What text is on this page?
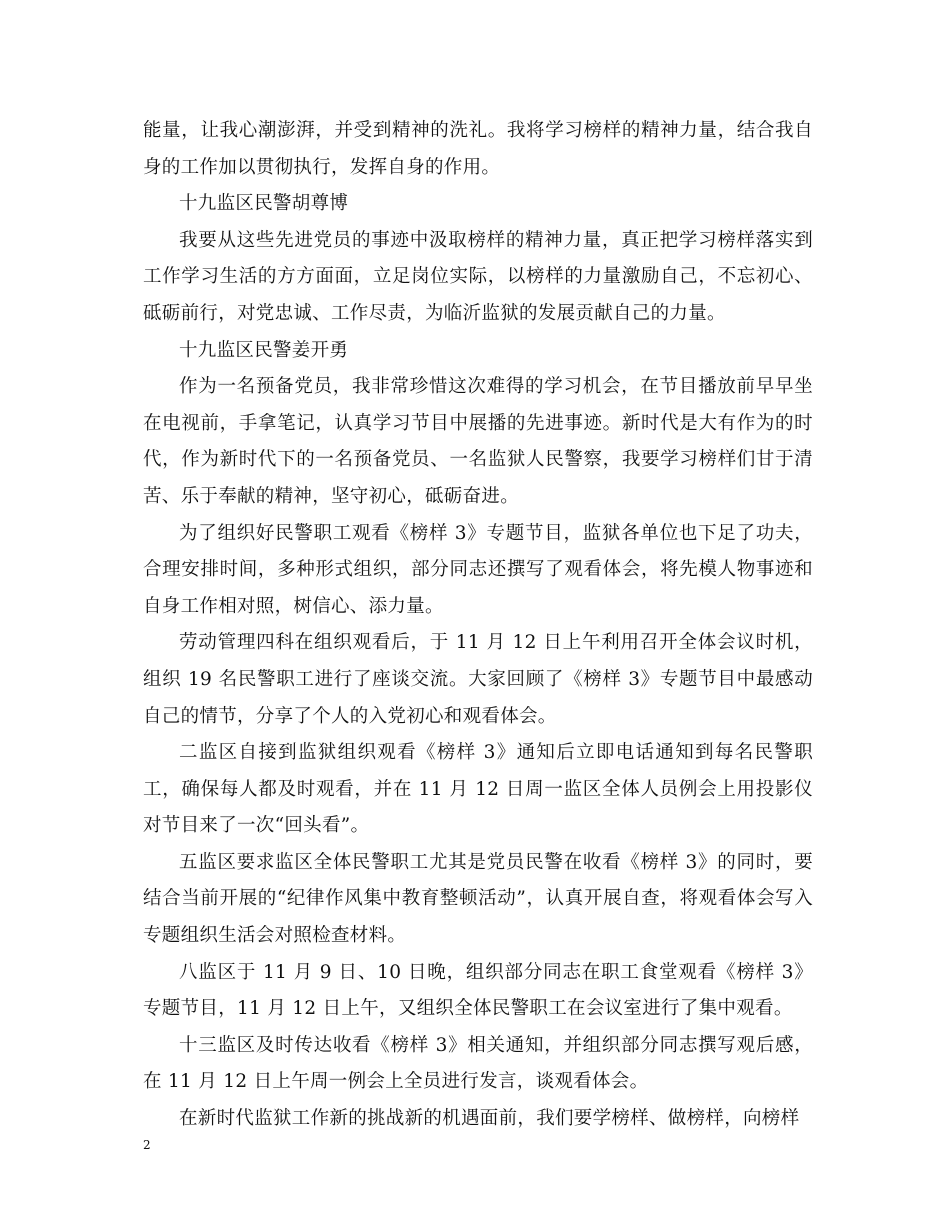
能量，让我心潮澎湃，并受到精神的洗礼。我将学习榜样的精神力量，结合我自身的工作加以贯彻执行，发挥自身的作用。

十九监区民警胡尊博

我要从这些先进党员的事迹中汲取榜样的精神力量，真正把学习榜样落实到工作学习生活的方方面面，立足岗位实际，以榜样的力量激励自己，不忘初心、砥砺前行，对党忠诚、工作尽责，为临沂监狱的发展贡献自己的力量。

十九监区民警姜开勇

作为一名预备党员，我非常珍惜这次难得的学习机会，在节目播放前早早坐在电视前，手拿笔记，认真学习节目中展播的先进事迹。新时代是大有作为的时代，作为新时代下的一名预备党员、一名监狱人民警察，我要学习榜样们甘于清苦、乐于奉献的精神，坚守初心，砥砺奋进。

为了组织好民警职工观看《榜样 3》专题节目，监狱各单位也下足了功夫，合理安排时间，多种形式组织，部分同志还撰写了观看体会，将先模人物事迹和自身工作相对照，树信心、添力量。

劳动管理四科在组织观看后，于 11 月 12 日上午利用召开全体会议时机，组织 19 名民警职工进行了座谈交流。大家回顾了《榜样 3》专题节目中最感动自己的情节，分享了个人的入党初心和观看体会。

二监区自接到监狱组织观看《榜样 3》通知后立即电话通知到每名民警职工，确保每人都及时观看，并在 11 月 12 日周一监区全体人员例会上用投影仪对节目来了一次“回头看”。

五监区要求监区全体民警职工尤其是党员民警在收看《榜样 3》的同时，要结合当前开展的“纪律作风集中教育整顿活动”，认真开展自查，将观看体会写入专题组织生活会对照检查材料。

八监区于 11 月 9 日、10 日晚，组织部分同志在职工食堂观看《榜样 3》专题节目，11 月 12 日上午，又组织全体民警职工在会议室进行了集中观看。

十三监区及时传达收看《榜样 3》相关通知，并组织部分同志撰写观后感，在 11 月 12 日上午周一例会上全员进行发言，谈观看体会。

在新时代监狱工作新的挑战新的机遇面前，我们要学榜样、做榜样，向榜样

2
